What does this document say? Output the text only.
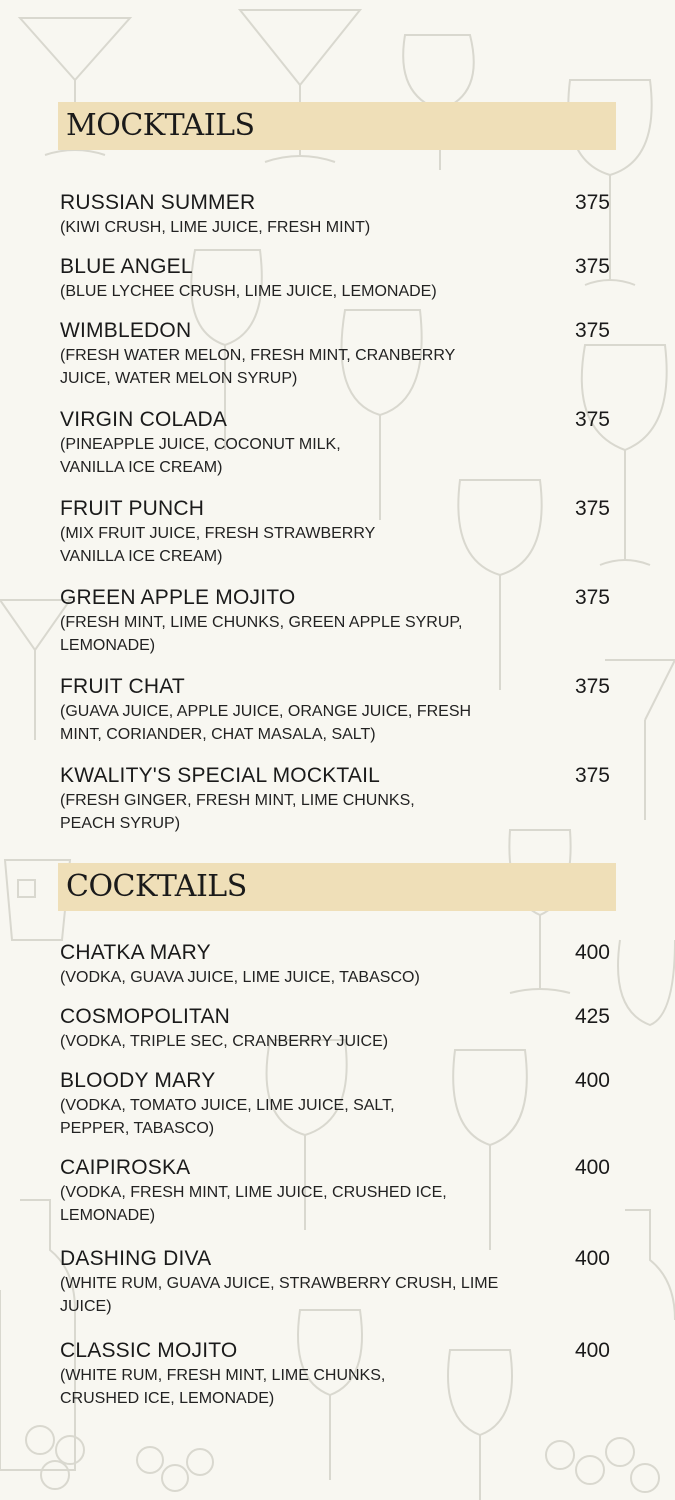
MOCKTAILS
RUSSIAN SUMMER
(KIWI CRUSH, LIME JUICE, FRESH MINT)
375
BLUE ANGEL
(BLUE LYCHEE CRUSH, LIME JUICE, LEMONADE)
375
WIMBLEDON
(FRESH WATER MELON, FRESH MINT, CRANBERRY JUICE, WATER MELON SYRUP)
375
VIRGIN COLADA
(PINEAPPLE JUICE, COCONUT MILK, VANILLA ICE CREAM)
375
FRUIT PUNCH
(MIX FRUIT JUICE, FRESH STRAWBERRY VANILLA ICE CREAM)
375
GREEN APPLE MOJITO
(FRESH MINT, LIME CHUNKS, GREEN APPLE SYRUP, LEMONADE)
375
FRUIT CHAT
(GUAVA JUICE, APPLE JUICE, ORANGE JUICE, FRESH MINT, CORIANDER, CHAT MASALA, SALT)
375
KWALITY'S SPECIAL MOCKTAIL
(FRESH GINGER, FRESH MINT, LIME CHUNKS, PEACH SYRUP)
375
COCKTAILS
CHATKA MARY
(VODKA, GUAVA JUICE, LIME JUICE, TABASCO)
400
COSMOPOLITAN
(VODKA, TRIPLE SEC, CRANBERRY JUICE)
425
BLOODY MARY
(VODKA, TOMATO JUICE, LIME JUICE, SALT, PEPPER, TABASCO)
400
CAIPIROSKA
(VODKA, FRESH MINT, LIME JUICE, CRUSHED ICE, LEMONADE)
400
DASHING DIVA
(WHITE RUM, GUAVA JUICE, STRAWBERRY CRUSH, LIME JUICE)
400
CLASSIC MOJITO
(WHITE RUM, FRESH MINT, LIME CHUNKS, CRUSHED ICE, LEMONADE)
400
